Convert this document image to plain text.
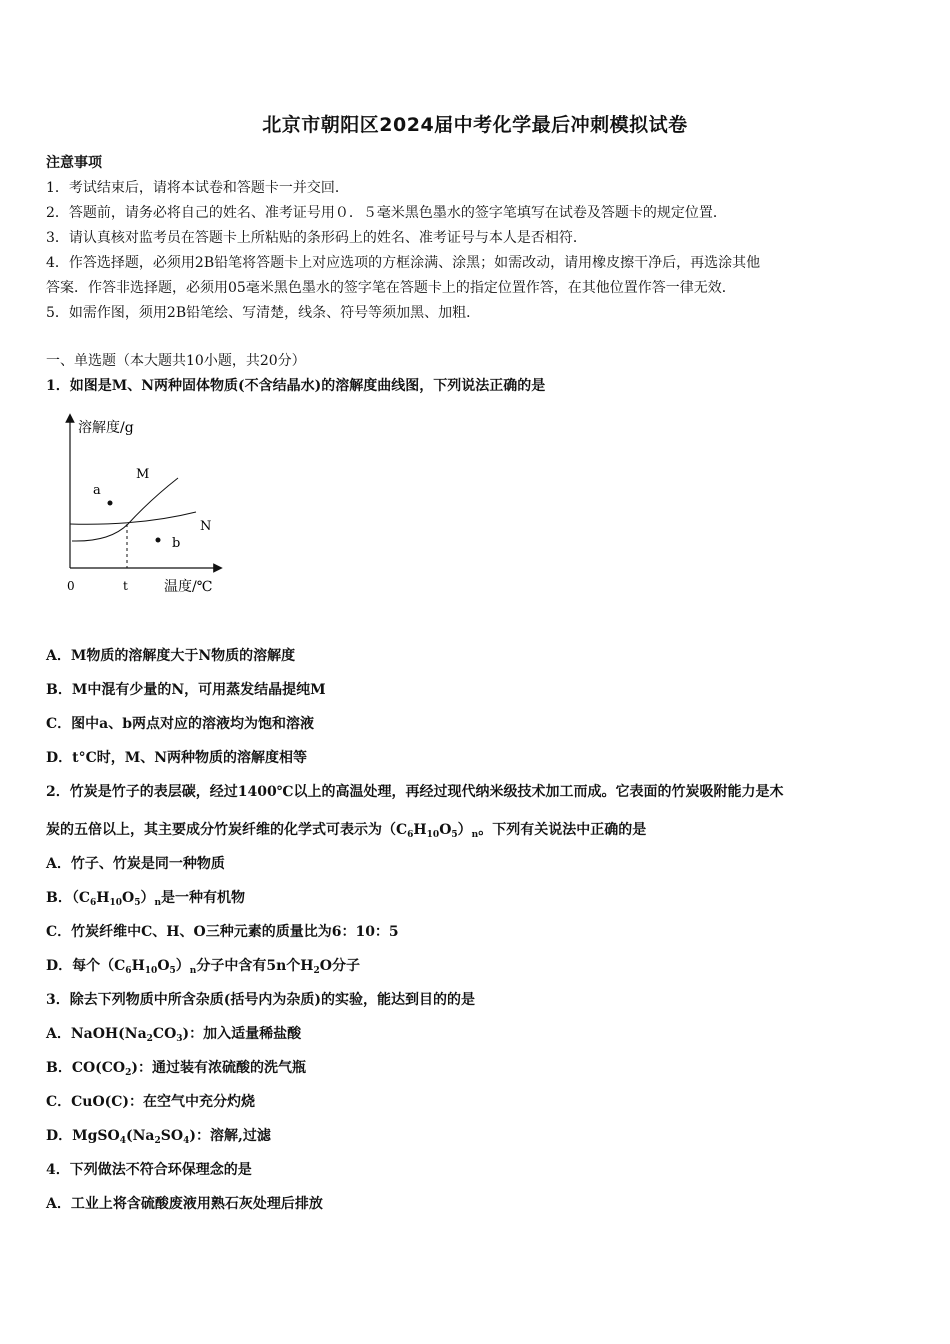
北京市朝阳区2024届中考化学最后冲刺模拟试卷
注意事项
1．考试结束后，请将本试卷和答题卡一并交回．
2．答题前，请务必将自己的姓名、准考证号用０．５毫米黑色墨水的签字笔填写在试卷及答题卡的规定位置．
3．请认真核对监考员在答题卡上所粘贴的条形码上的姓名、准考证号与本人是否相符．
4．作答选择题，必须用2B铅笔将答题卡上对应选项的方框涂满、涂黑；如需改动，请用橡皮擦干净后，再选涂其他
答案．作答非选择题，必须用05毫米黑色墨水的签字笔在答题卡上的指定位置作答，在其他位置作答一律无效．
5．如需作图，须用2B铅笔绘、写清楚，线条、符号等须加黑、加粗．
一、单选题（本大题共10小题，共20分）
1．如图是M、N两种固体物质(不含结晶水)的溶解度曲线图，下列说法正确的是
溶解度/g
M
N
a
b
0	t	温度/℃
A．M物质的溶解度大于N物质的溶解度
B．M中混有少量的N，可用蒸发结晶提纯M
C．图中a、b两点对应的溶液均为饱和溶液
D．t°C时，M、N两种物质的溶解度相等
2．竹炭是竹子的表层碳，经过1400℃以上的高温处理，再经过现代纳米级技术加工而成。它表面的竹炭吸附能力是木
炭的五倍以上，其主要成分竹炭纤维的化学式可表示为$(C_6H_{10}O_5)_n$。下列有关说法中正确的是
A．竹子、竹炭是同一种物质
B．$(C_6H_{10}O_5)_n$是一种有机物
C．竹炭纤维中C、H、O三种元素的质量比为6：10：5
D．每个$(C_6H_{10}O_5)_n$分子中含有5n个$H_2O$分子
3．除去下列物质中所含杂质(括号内为杂质)的实验，能达到目的的是
A．$NaOH(Na_2CO_3)$：加入适量稀盐酸
B．$CO(CO_2)$：通过装有浓硫酸的洗气瓶
C．CuO(C)：在空气中充分灼烧
D．$MgSO_4(Na_2SO_4)$：溶解,过滤
4．下列做法不符合环保理念的是
A．工业上将含硫酸废液用熟石灰处理后排放
